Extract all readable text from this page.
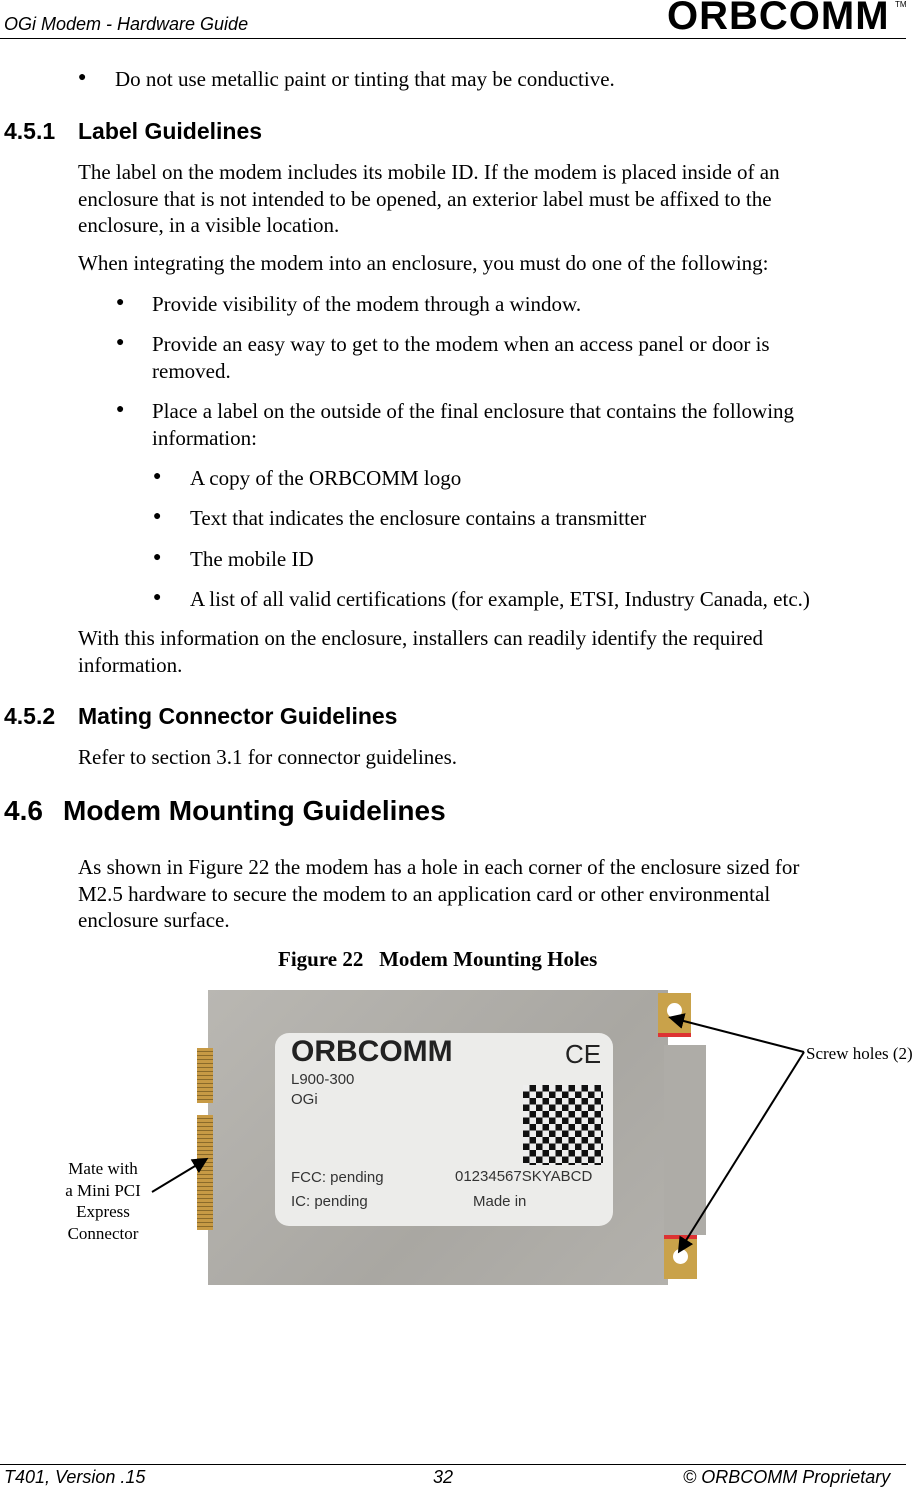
OGi Modem - Hardware Guide	ORBCOMM TM
● Do not use metallic paint or tinting that may be conductive.
4.5.1 Label Guidelines
The label on the modem includes its mobile ID. If the modem is placed inside of an
enclosure that is not intended to be opened, an exterior label must be affixed to the
enclosure, in a visible location.
When integrating the modem into an enclosure, you must do one of the following:
● Provide visibility of the modem through a window.
● Provide an easy way to get to the modem when an access panel or door is
removed.
● Place a label on the outside of the final enclosure that contains the following
information:
● A copy of the ORBCOMM logo
● Text that indicates the enclosure contains a transmitter
● The mobile ID
● A list of all valid certifications (for example, ETSI, Industry Canada, etc.)
With this information on the enclosure, installers can readily identify the required
information.
4.5.2 Mating Connector Guidelines
Refer to section 3.1 for connector guidelines.
4.6 Modem Mounting Guidelines
As shown in Figure 22 the modem has a hole in each corner of the enclosure sized for
M2.5 hardware to secure the modem to an application card or other environmental
enclosure surface.
Figure 22 Modem Mounting Holes
ORBCOMM	CE
L900-300
OGi
FCC: pending	01234567SKYABCD
IC: pending	Made in
Screw holes (2)
Mate with
a Mini PCI
Express
Connector
T401, Version .15	32	© ORBCOMM Proprietary
